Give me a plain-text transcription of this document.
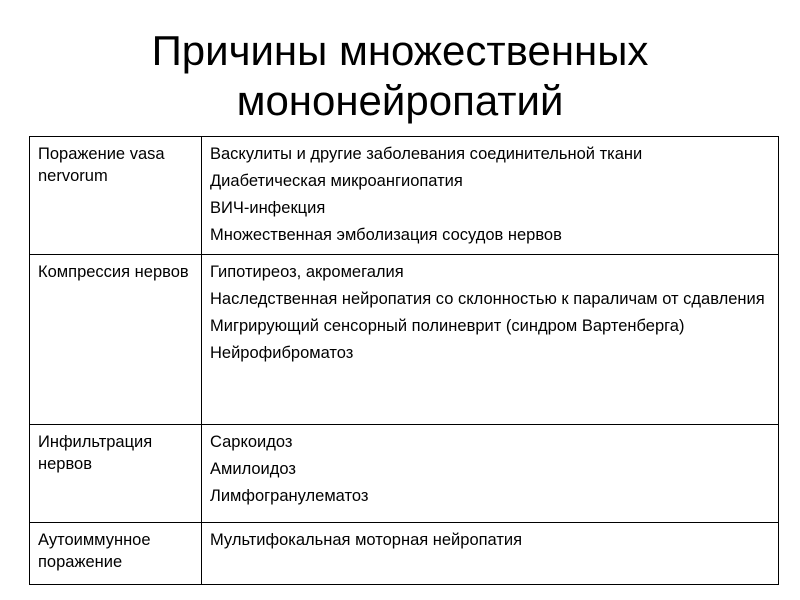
Причины множественных
мононейропатий
Поражение vasa nervorum	Васкулиты и другие заболевания соединительной ткани
Диабетическая микроангиопатия
ВИЧ-инфекция
Множественная эмболизация сосудов нервов

Компрессия нервов	Гипотиреоз, акромегалия
Наследственная нейропатия со склонностью к параличам от сдавления
Мигрирующий сенсорный полиневрит (синдром Вартенберга)
Нейрофиброматоз

Инфильтрация нервов	Саркоидоз
Амилоидоз
Лимфогранулематоз

Аутоиммунное поражение	Мультифокальная моторная нейропатия
